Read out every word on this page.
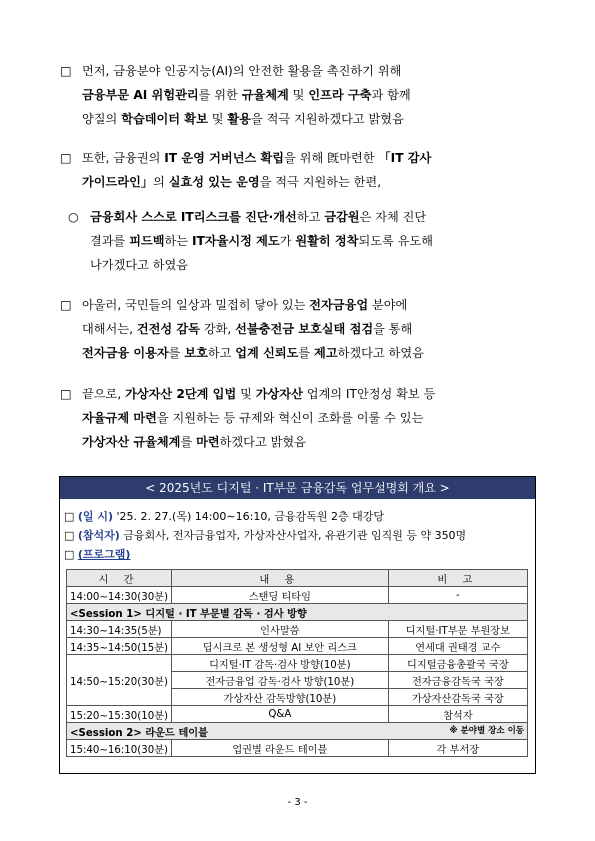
□ 먼저, 금융분야 인공지능(AI)의 안전한 활용을 촉진하기 위해
금융부문 AI 위험관리를 위한 규율체계 및 인프라 구축과 함께
양질의 학습데이터 확보 및 활용을 적극 지원하겠다고 밝혔음
□ 또한, 금융권의 IT 운영 거버넌스 확립을 위해 旣마련한 「IT 감사
가이드라인」의 실효성 있는 운영을 적극 지원하는 한편,
○ 금융회사 스스로 IT리스크를 진단·개선하고 금감원은 자체 진단
결과를 피드백하는 IT자율시정 제도가 원활히 정착되도록 유도해
나가겠다고 하였음
□ 아울러, 국민들의 일상과 밀접히 닿아 있는 전자금융업 분야에
대해서는, 건전성 감독 강화, 선불충전금 보호실태 점검을 통해
전자금융 이용자를 보호하고 업계 신뢰도를 제고하겠다고 하였음
□ 끝으로, 가상자산 2단계 입법 및 가상자산 업계의 IT안정성 확보 등
자율규제 마련을 지원하는 등 규제와 혁신이 조화를 이룰 수 있는
가상자산 규율체계를 마련하겠다고 밝혔음
< 2025년도 디지털 · IT부문 금융감독 업무설명회 개요 >
□ (일 시) '25. 2. 27.(목) 14:00∼16:10, 금융감독원 2층 대강당
□ (참석자) 금융회사, 전자금융업자, 가상자산사업자, 유관기관 임직원 등 약 350명
□ (프로그램)
시 간	내 용	비 고
14:00∼14:30(30분)	스탠딩 티타임	-
<Session 1> 디지털 · IT 부문별 감독 · 검사 방향		
14:30∼14:35(5분)	인사말씀	디지털·IT부문 부원장보
14:35∼14:50(15분)	딥시크로 본 생성형 AI 보안 리스크	연세대 권태경 교수
14:50∼15:20(30분)	디지털·IT 감독·검사 방향(10분)	디지털금융총괄국 국장
	전자금융업 감독·검사 방향(10분)	전자금융감독국 국장
	가상자산 감독방향(10분)	가상자산감독국 국장
15:20∼15:30(10분)	Q&A	참석자
<Session 2> 라운드 테이블 ※ 분야별 장소 이동		

15:40∼16:10(30분)	업권별 라운드 테이블	각 부서장
- 3 -
